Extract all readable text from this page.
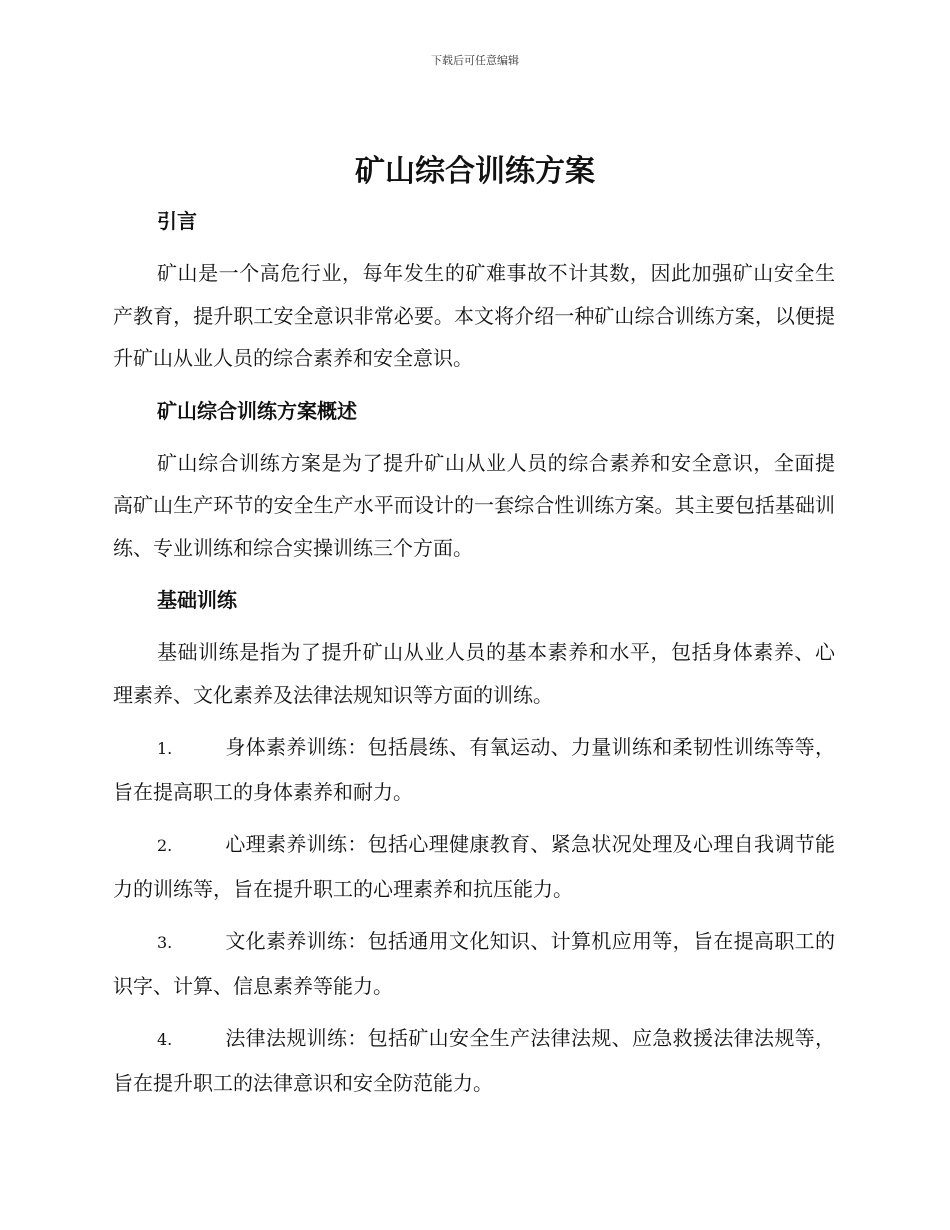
下载后可任意编辑
矿山综合训练方案
引言

矿山是一个高危行业，每年发生的矿难事故不计其数，因此加强矿山安全生产教育，提升职工安全意识非常必要。本文将介绍一种矿山综合训练方案，以便提升矿山从业人员的综合素养和安全意识。

矿山综合训练方案概述

矿山综合训练方案是为了提升矿山从业人员的综合素养和安全意识，全面提高矿山生产环节的安全生产水平而设计的一套综合性训练方案。其主要包括基础训练、专业训练和综合实操训练三个方面。

基础训练

基础训练是指为了提升矿山从业人员的基本素养和水平，包括身体素养、心理素养、文化素养及法律法规知识等方面的训练。

1.	身体素养训练：包括晨练、有氧运动、力量训练和柔韧性训练等等，旨在提高职工的身体素养和耐力。
2.	心理素养训练：包括心理健康教育、紧急状况处理及心理自我调节能力的训练等，旨在提升职工的心理素养和抗压能力。
3.	文化素养训练：包括通用文化知识、计算机应用等，旨在提高职工的识字、计算、信息素养等能力。
4.	法律法规训练：包括矿山安全生产法律法规、应急救援法律法规等，旨在提升职工的法律意识和安全防范能力。
